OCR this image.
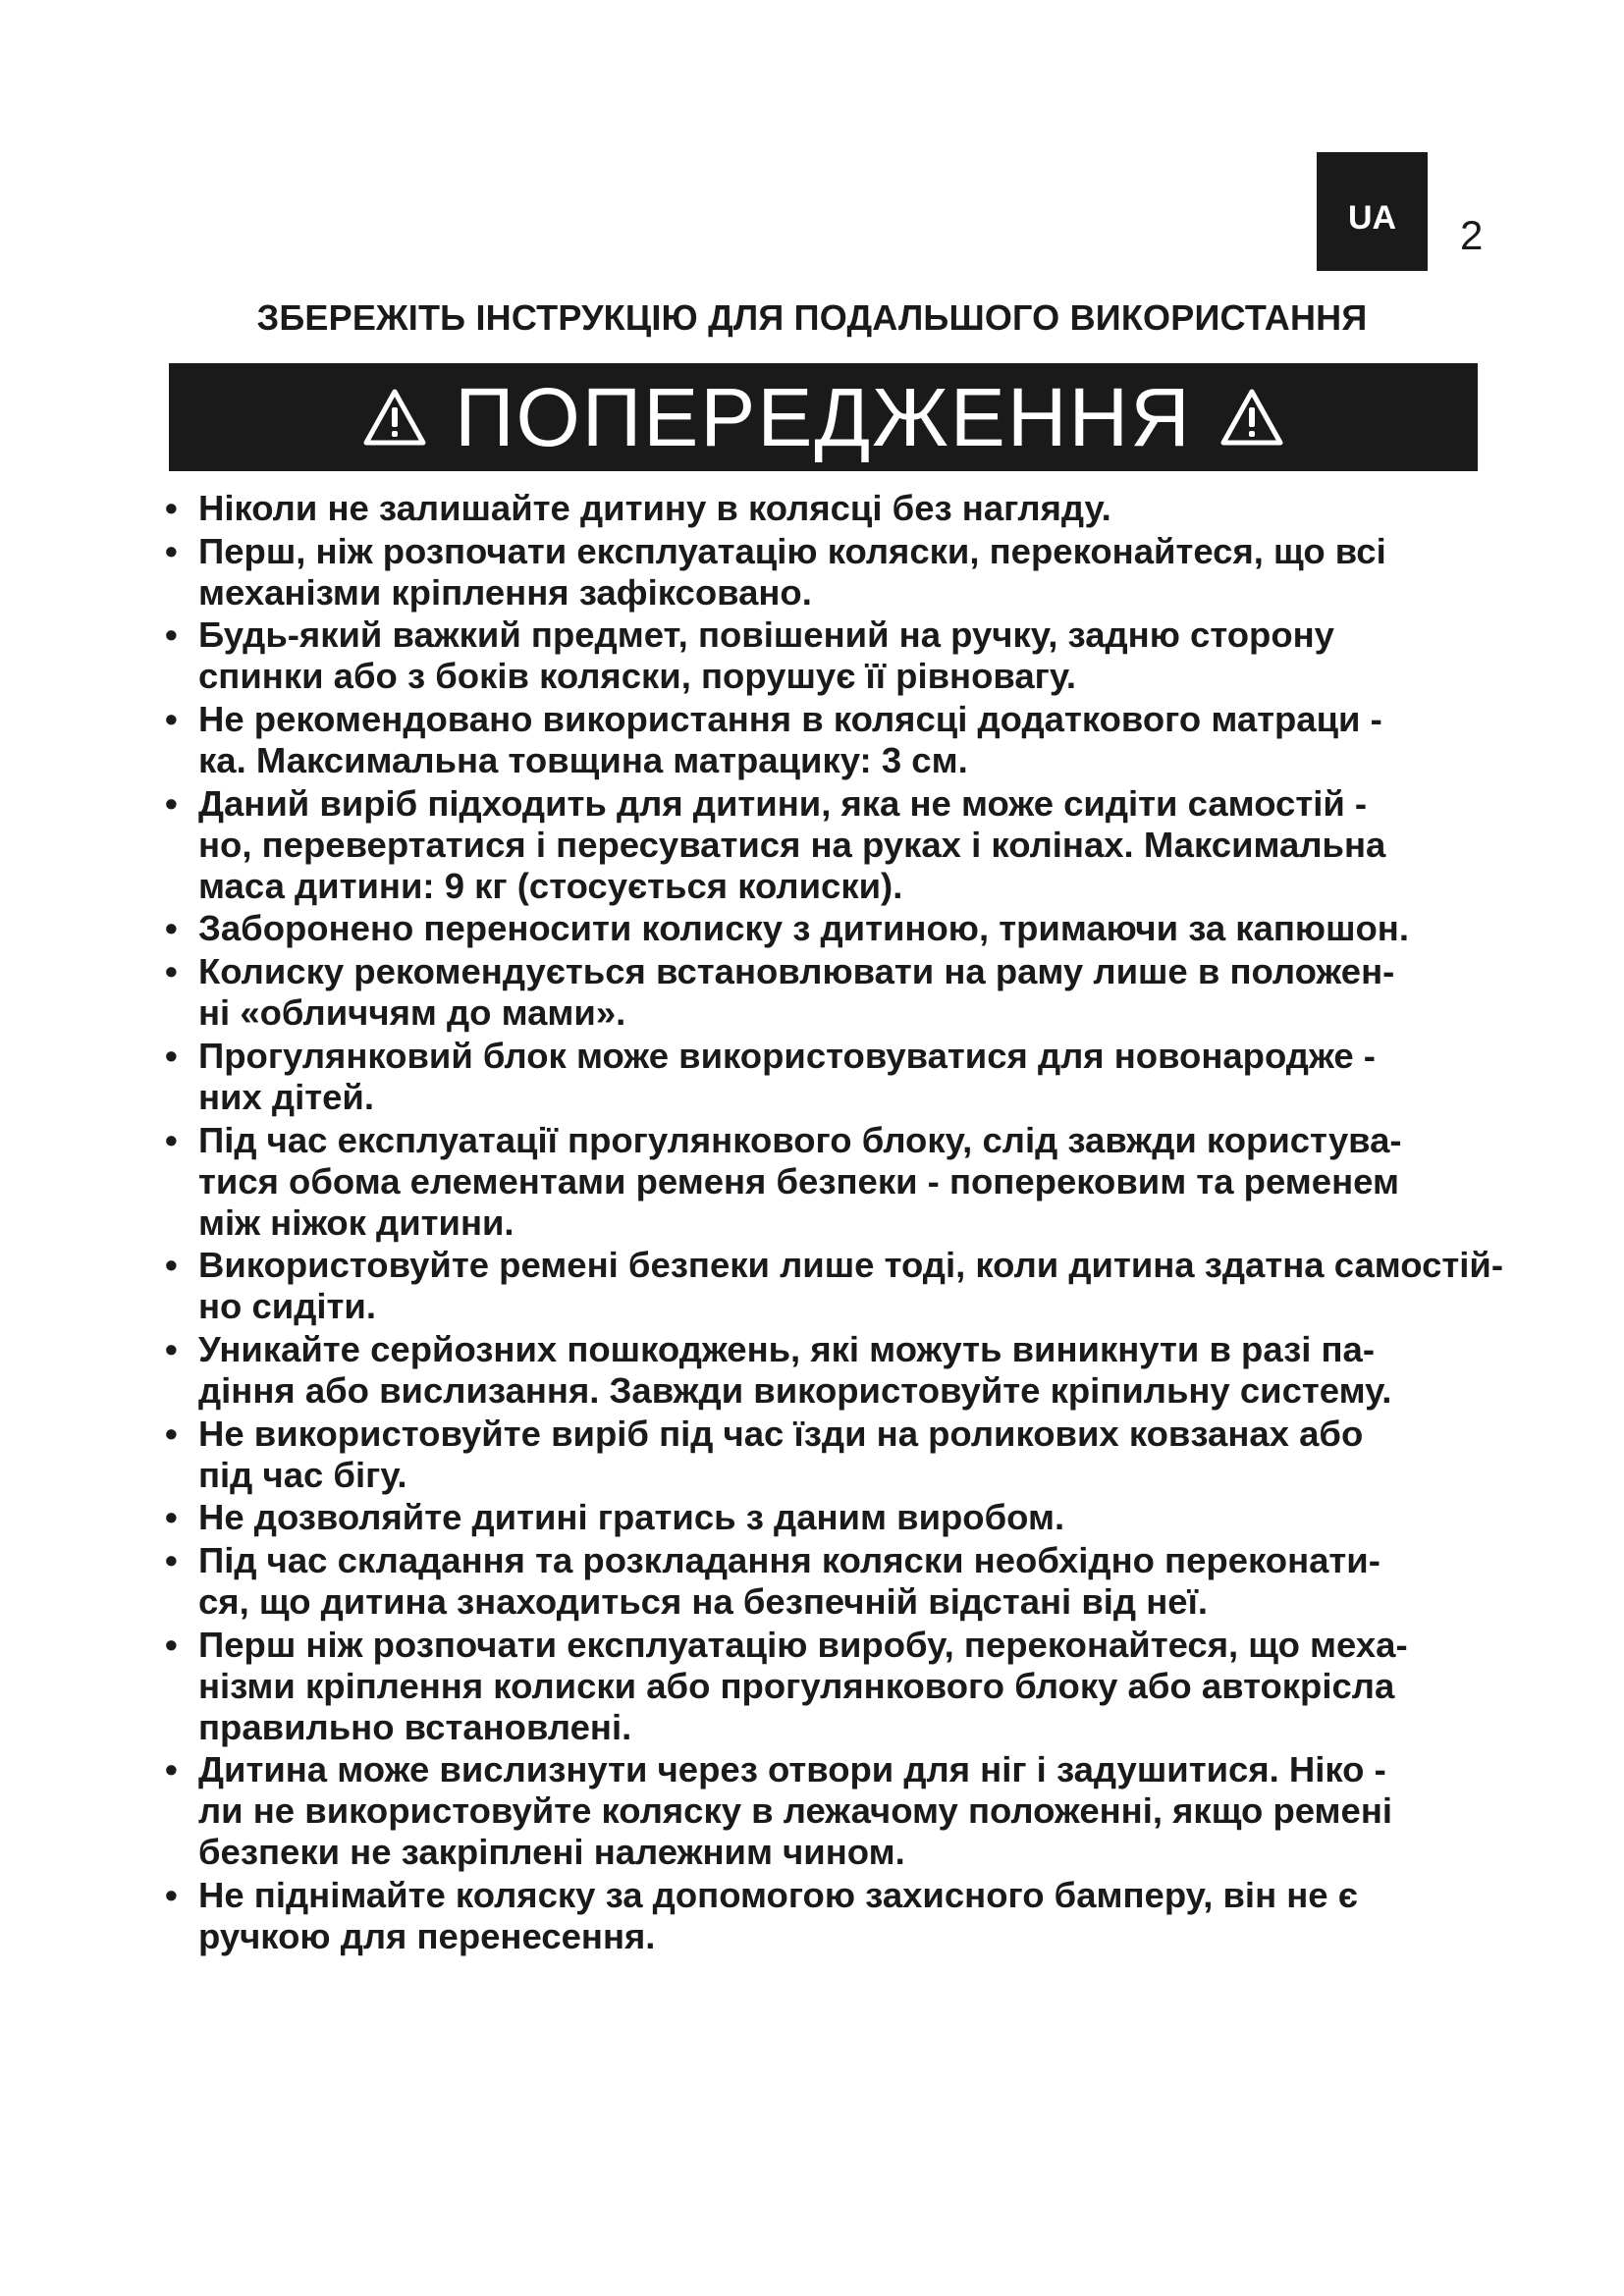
UA 2
ЗБЕРЕЖІТЬ ІНСТРУКЦІЮ ДЛЯ ПОДАЛЬШОГО ВИКОРИСТАННЯ
ПОПЕРЕДЖЕННЯ
• Ніколи не залишайте дитину в колясці без нагляду.
• Перш, ніж розпочати експлуатацію коляски, переконайтеся, що всі
механізми кріплення зафіксовано.
• Будь-який важкий предмет, повішений на ручку, задню сторону
спинки або з боків коляски, порушує її рівновагу.
• Не рекомендовано використання в колясці додаткового матраци -
ка. Максимальна товщина матрацику: 3 см.
• Даний виріб підходить для дитини, яка не може сидіти самостій -
но, перевертатися і пересуватися на руках і колінах. Максимальна
маса дитини: 9 кг (стосується колиски).
• Заборонено переносити колиску з дитиною, тримаючи за капюшон.
• Колиску рекомендується встановлювати на раму лише в положен-
ні «обличчям до мами».
• Прогулянковий блок може використовуватися для новонародже -
них дітей.
• Під час експлуатації прогулянкового блоку, слід завжди користува-
тися обома елементами ременя безпеки - поперековим та ременем
між ніжок дитини.
• Використовуйте ремені безпеки лише тоді, коли дитина здатна самостій-
но сидіти.
• Уникайте серйозних пошкоджень, які можуть виникнути в разі па-
діння або вислизання. Завжди використовуйте кріпильну систему.
• Не використовуйте виріб під час їзди на роликових ковзанах або
під час бігу.
• Не дозволяйте дитині гратись з даним виробом.
• Під час складання та розкладання коляски необхідно переконати-
ся, що дитина знаходиться на безпечній відстані від неї.
• Перш ніж розпочати експлуатацію виробу, переконайтеся, що меха-
нізми кріплення колиски або прогулянкового блоку або автокрісла
правильно встановлені.
• Дитина може вислизнути через отвори для ніг і задушитися. Ніко -
ли не використовуйте коляску в лежачому положенні, якщо ремені
безпеки не закріплені належним чином.
• Не піднімайте коляску за допомогою захисного бамперу, він не є
ручкою для перенесення.
